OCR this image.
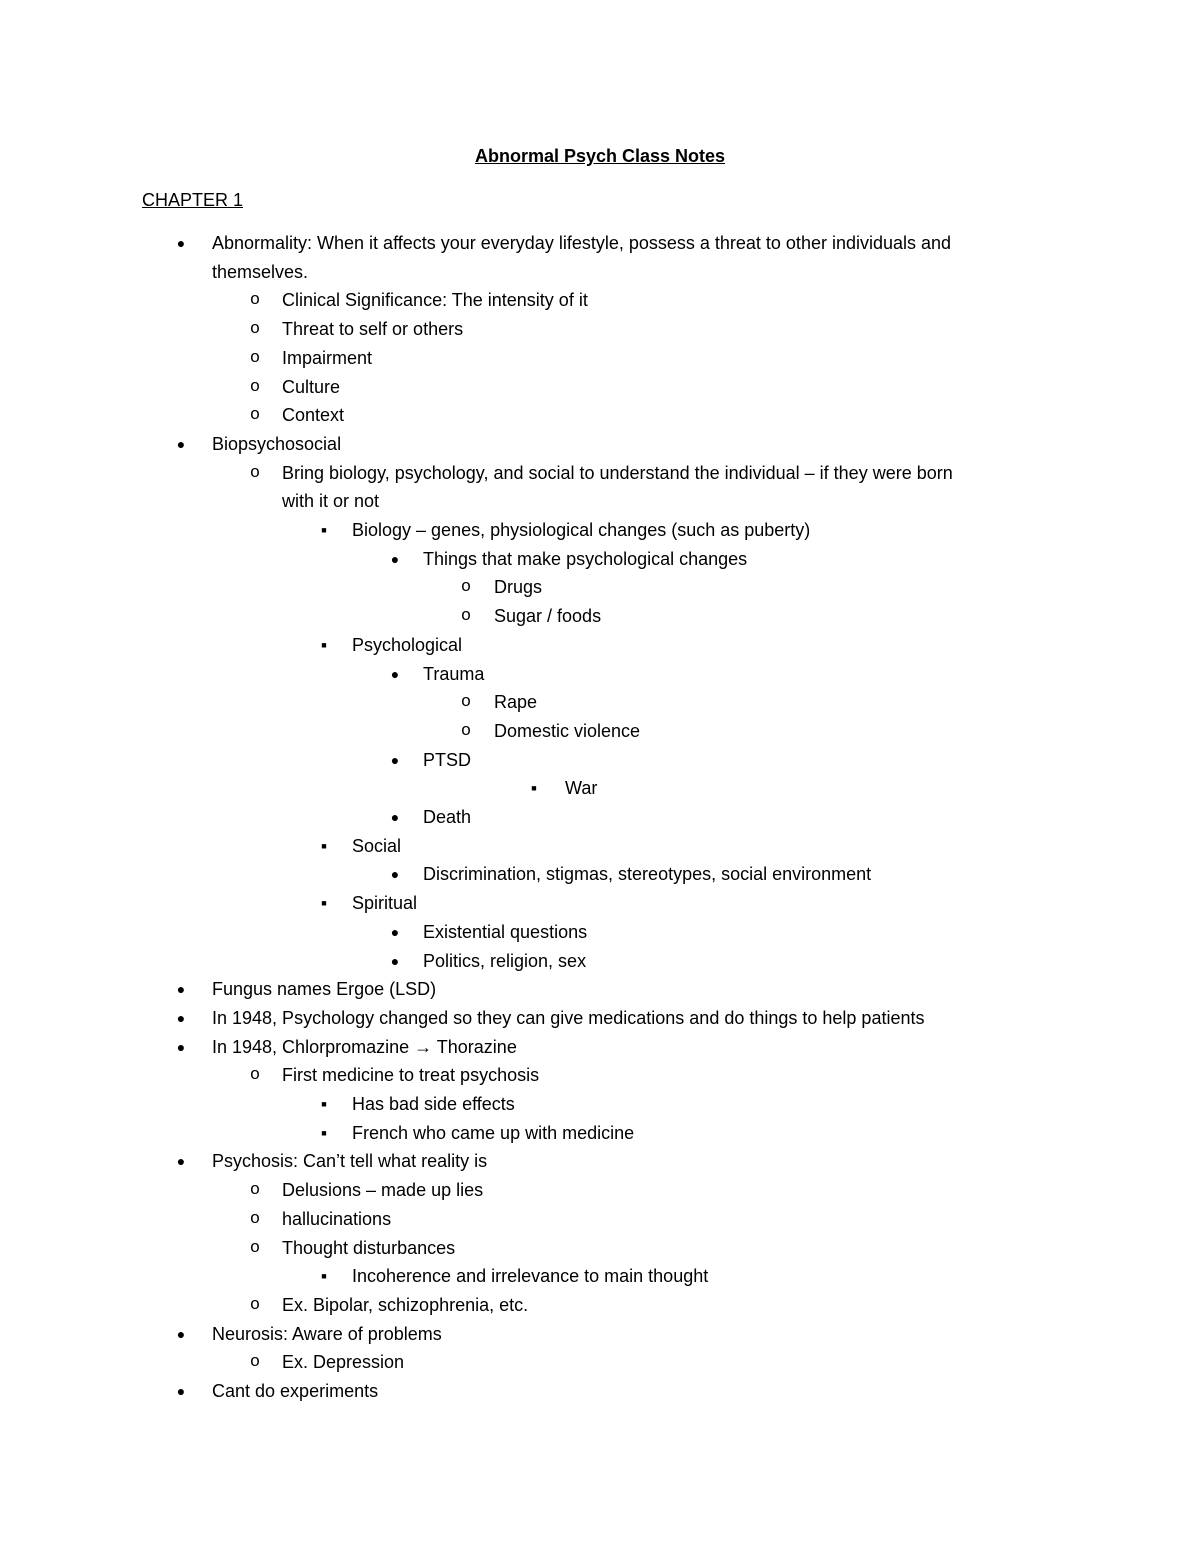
Abnormal Psych Class Notes
CHAPTER 1
● Abnormality: When it affects your everyday lifestyle, possess a threat to other individuals and
themselves.
o Clinical Significance: The intensity of it
o Threat to self or others
o Impairment
o Culture
o Context
● Biopsychosocial
o Bring biology, psychology, and social to understand the individual – if they were born
with it or not
■ Biology – genes, physiological changes (such as puberty)
● Things that make psychological changes
o Drugs
o Sugar / foods
■ Psychological
● Trauma
o Rape
o Domestic violence
● PTSD
■ War
● Death
■ Social
● Discrimination, stigmas, stereotypes, social environment
■ Spiritual
● Existential questions
● Politics, religion, sex
● Fungus names Ergoe (LSD)
● In 1948, Psychology changed so they can give medications and do things to help patients
● In 1948, Chlorpromazine → Thorazine
o First medicine to treat psychosis
■ Has bad side effects
■ French who came up with medicine
● Psychosis: Can’t tell what reality is
o Delusions – made up lies
o hallucinations
o Thought disturbances
■ Incoherence and irrelevance to main thought
o Ex. Bipolar, schizophrenia, etc.
● Neurosis: Aware of problems
o Ex. Depression
● Cant do experiments
